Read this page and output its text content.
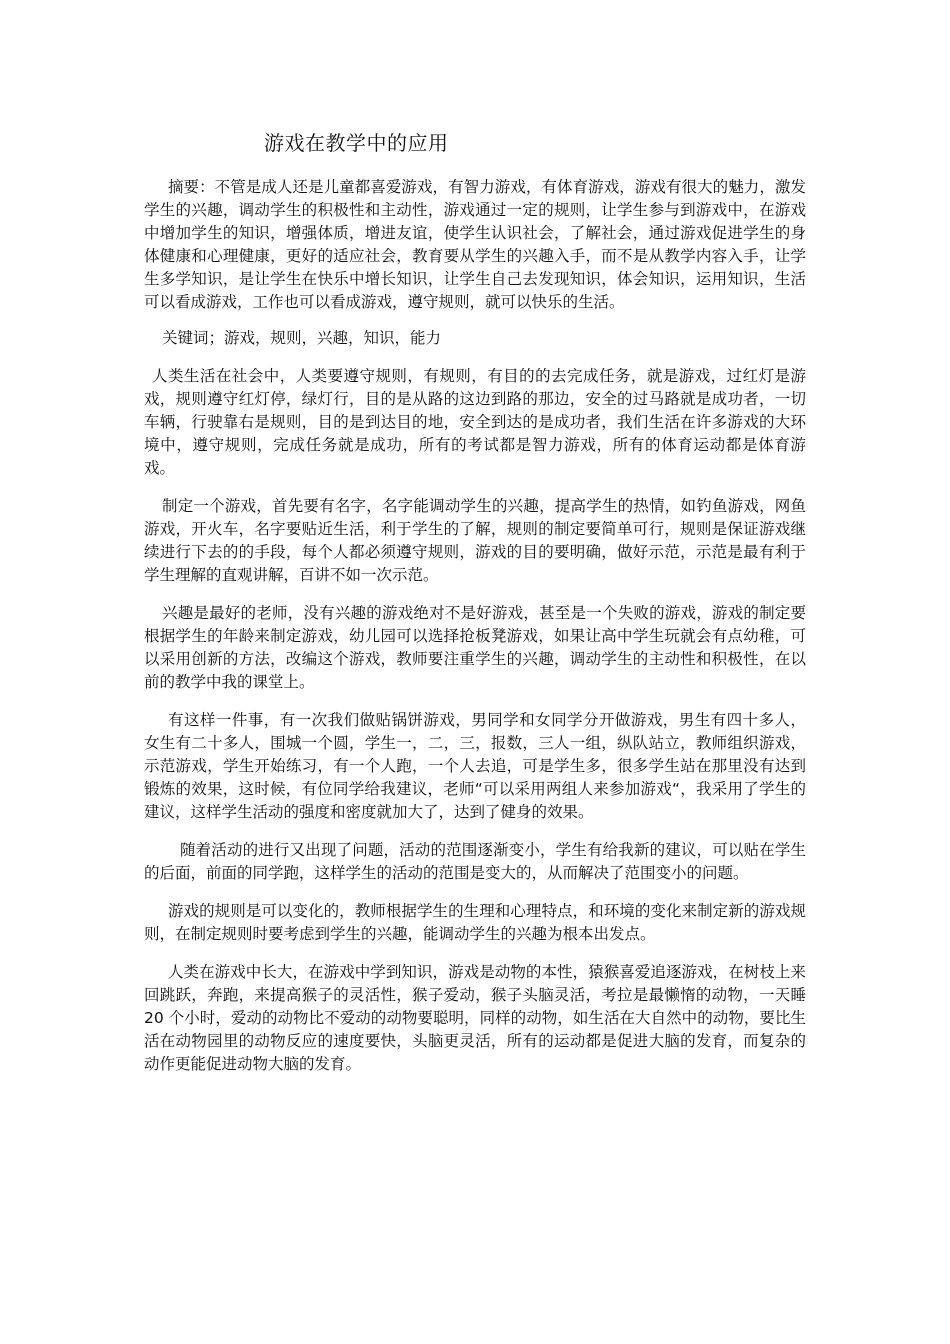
游戏在教学中的应用

摘要：不管是成人还是儿童都喜爱游戏，有智力游戏，有体育游戏，游戏有很大的魅力，激发学生的兴趣，调动学生的积极性和主动性，游戏通过一定的规则，让学生参与到游戏中，在游戏中增加学生的知识，增强体质，增进友谊，使学生认识社会，了解社会，通过游戏促进学生的身体健康和心理健康，更好的适应社会，教育要从学生的兴趣入手，而不是从教学内容入手，让学生多学知识，是让学生在快乐中增长知识，让学生自己去发现知识，体会知识，运用知识，生活可以看成游戏，工作也可以看成游戏，遵守规则，就可以快乐的生活。

关键词；游戏，规则，兴趣，知识，能力

人类生活在社会中，人类要遵守规则，有规则，有目的的去完成任务，就是游戏，过红灯是游戏，规则遵守红灯停，绿灯行，目的是从路的这边到路的那边，安全的过马路就是成功者，一切车辆，行驶靠右是规则，目的是到达目的地，安全到达的是成功者，我们生活在许多游戏的大环境中，遵守规则，完成任务就是成功，所有的考试都是智力游戏，所有的体育运动都是体育游戏。

制定一个游戏，首先要有名字，名字能调动学生的兴趣，提高学生的热情，如钓鱼游戏，网鱼游戏，开火车，名字要贴近生活，利于学生的了解，规则的制定要简单可行，规则是保证游戏继续进行下去的的手段，每个人都必须遵守规则，游戏的目的要明确，做好示范，示范是最有利于学生理解的直观讲解，百讲不如一次示范。

兴趣是最好的老师，没有兴趣的游戏绝对不是好游戏，甚至是一个失败的游戏，游戏的制定要根据学生的年龄来制定游戏，幼儿园可以选择抢板凳游戏，如果让高中学生玩就会有点幼稚，可以采用创新的方法，改编这个游戏，教师要注重学生的兴趣，调动学生的主动性和积极性，在以前的教学中我的课堂上。

有这样一件事，有一次我们做贴锅饼游戏，男同学和女同学分开做游戏，男生有四十多人， 女生有二十多人，围城一个圆，学生一，二，三，报数，三人一组，纵队站立，教师组织游戏，示范游戏，学生开始练习，有一个人跑，一个人去追，可是学生多，很多学生站在那里没有达到锻炼的效果，这时候，有位同学给我建议，老师“可以采用两组人来参加游戏“，我采用了学生的建议，这样学生活动的强度和密度就加大了，达到了健身的效果。

随着活动的进行又出现了问题，活动的范围逐渐变小，学生有给我新的建议，可以贴在学生的后面，前面的同学跑，这样学生的活动的范围是变大的，从而解决了范围变小的问题。

游戏的规则是可以变化的，教师根据学生的生理和心理特点，和环境的变化来制定新的游戏规则，在制定规则时要考虑到学生的兴趣，能调动学生的兴趣为根本出发点。

人类在游戏中长大，在游戏中学到知识，游戏是动物的本性，猿猴喜爱追逐游戏，在树枝上来回跳跃，奔跑，来提高猴子的灵活性，猴子爱动，猴子头脑灵活，考拉是最懒惰的动物，一天睡 20 个小时，爱动的动物比不爱动的动物要聪明，同样的动物，如生活在大自然中的动物，要比生活在动物园里的动物反应的速度要快，头脑更灵活，所有的运动都是促进大脑的发育，而复杂的动作更能促进动物大脑的发育。
